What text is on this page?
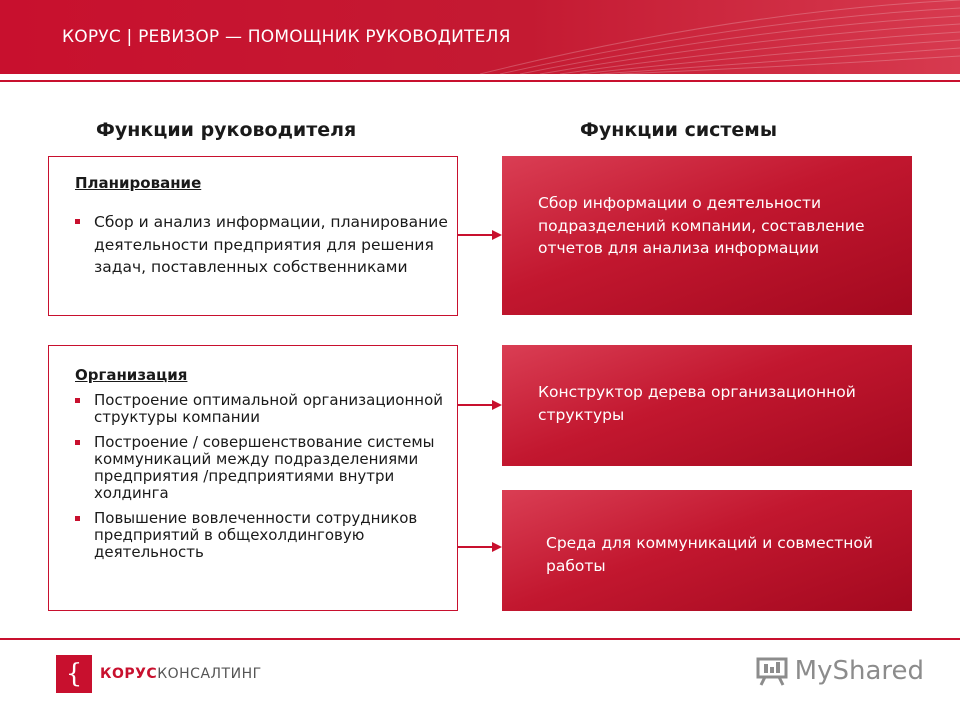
КОРУС | РЕВИЗОР — ПОМОЩНИК РУКОВОДИТЕЛЯ
Функции руководителя	Функции системы
Планирование
Сбор и анализ информации, планирование деятельности предприятия для решения задач, поставленных собственниками
Организация
Построение оптимальной организационной структуры компании
Построение / совершенствование системы коммуникаций между подразделениями предприятия /предприятиями внутри холдинга
Повышение вовлеченности сотрудников предприятий в общехолдинговую деятельность
Сбор информации о деятельности подразделений компании, составление отчетов для анализа информации
Конструктор дерева организационной структуры
Среда для коммуникаций и совместной работы
{	КОРУСКОНСАЛТИНГ	MyShared
